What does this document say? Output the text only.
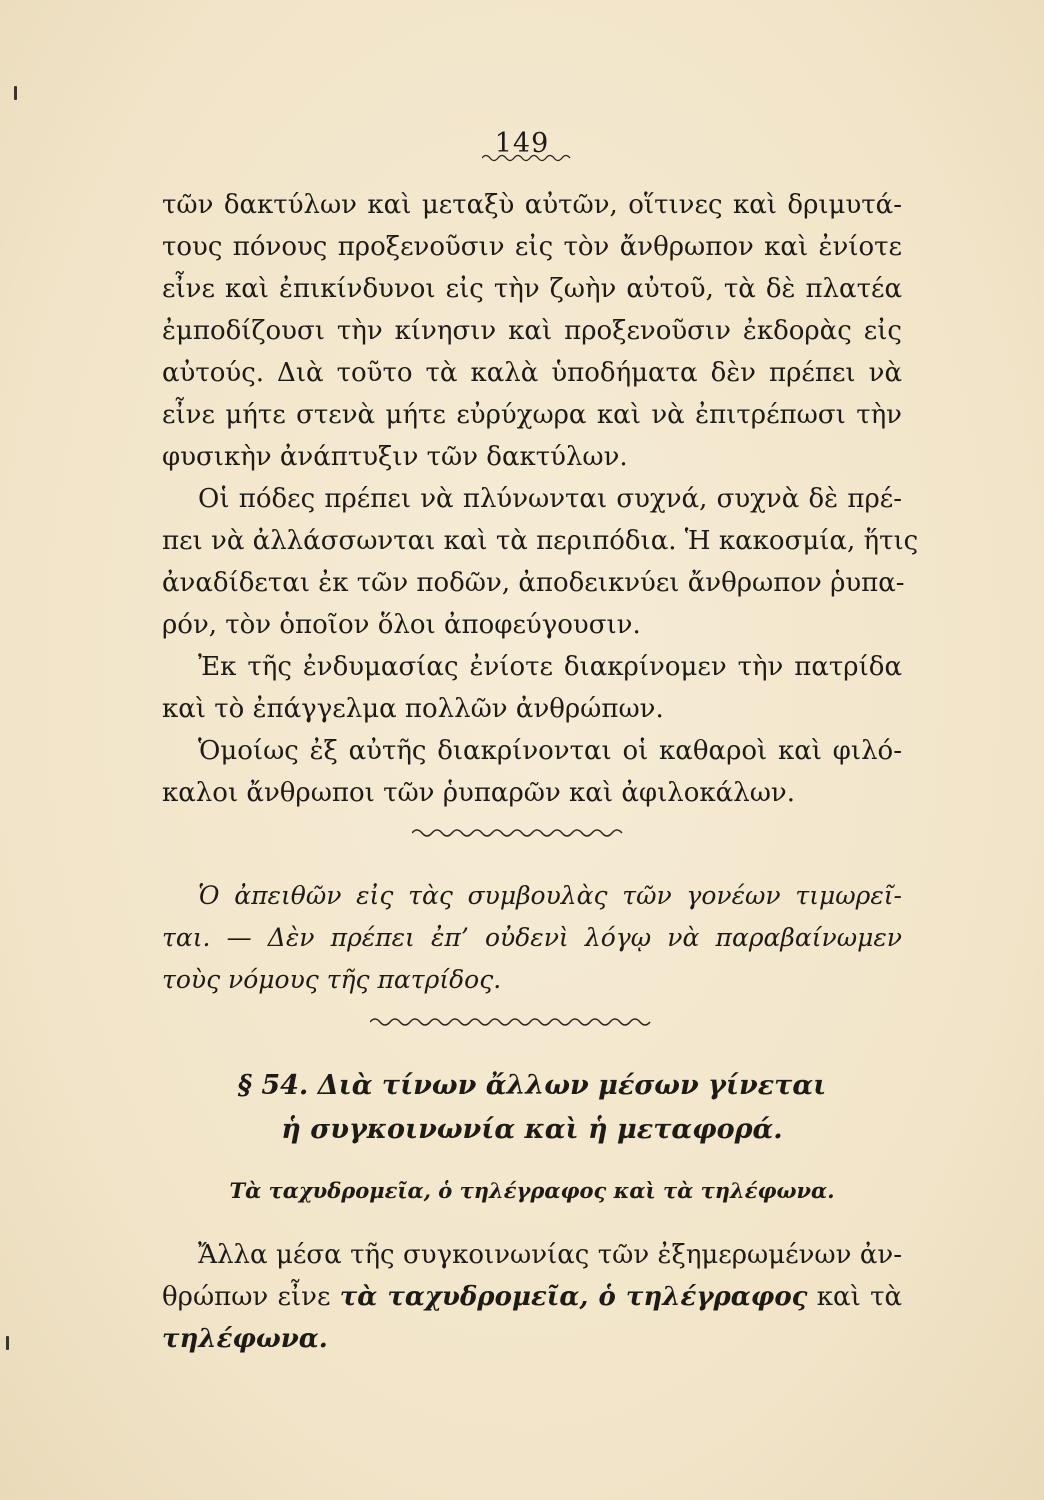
149
τῶν δακτύλων καὶ μεταξὺ αὐτῶν, οἵτινες καὶ δριμυτά-
τους πόνους προξενοῦσιν εἰς τὸν ἄνθρωπον καὶ ἐνίοτε
εἶνε καὶ ἐπικίνδυνοι εἰς τὴν ζωὴν αὐτοῦ, τὰ δὲ πλατέα
ἐμποδίζουσι τὴν κίνησιν καὶ προξενοῦσιν ἐκδορὰς εἰς
αὐτούς. Διὰ τοῦτο τὰ καλὰ ὑποδήματα δὲν πρέπει νὰ
εἶνε μήτε στενὰ μήτε εὐρύχωρα καὶ νὰ ἐπιτρέπωσι τὴν
φυσικὴν ἀνάπτυξιν τῶν δακτύλων.
Οἱ πόδες πρέπει νὰ πλύνωνται συχνά, συχνὰ δὲ πρέ-
πει νὰ ἀλλάσσωνται καὶ τὰ περιπόδια. Ἡ κακοσμία, ἥτις
ἀναδίδεται ἐκ τῶν ποδῶν, ἀποδεικνύει ἄνθρωπον ῥυπα-
ρόν, τὸν ὁποῖον ὅλοι ἀποφεύγουσιν.
Ἐκ τῆς ἐνδυμασίας ἐνίοτε διακρίνομεν τὴν πατρίδα
καὶ τὸ ἐπάγγελμα πολλῶν ἀνθρώπων.
Ὁμοίως ἐξ αὐτῆς διακρίνονται οἱ καθαροὶ καὶ φιλό-
καλοι ἄνθρωποι τῶν ῥυπαρῶν καὶ ἀφιλοκάλων.
Ὁ ἀπειθῶν εἰς τὰς συμβουλὰς τῶν γονέων τιμωρεῖ-
ται. — Δὲν πρέπει ἐπ’ οὐδενὶ λόγῳ νὰ παραβαίνωμεν
τοὺς νόμους τῆς πατρίδος.
§ 54. Διὰ τίνων ἄλλων μέσων γίνεται
ἡ συγκοινωνία καὶ ἡ μεταφορά.
Τὰ ταχυδρομεῖα, ὁ τηλέγραφος καὶ τὰ τηλέφωνα.
Ἄλλα μέσα τῆς συγκοινωνίας τῶν ἐξημερωμένων ἀν-
θρώπων εἶνε τὰ ταχυδρομεῖα, ὁ τηλέγραφος καὶ τὰ
τηλέφωνα.
